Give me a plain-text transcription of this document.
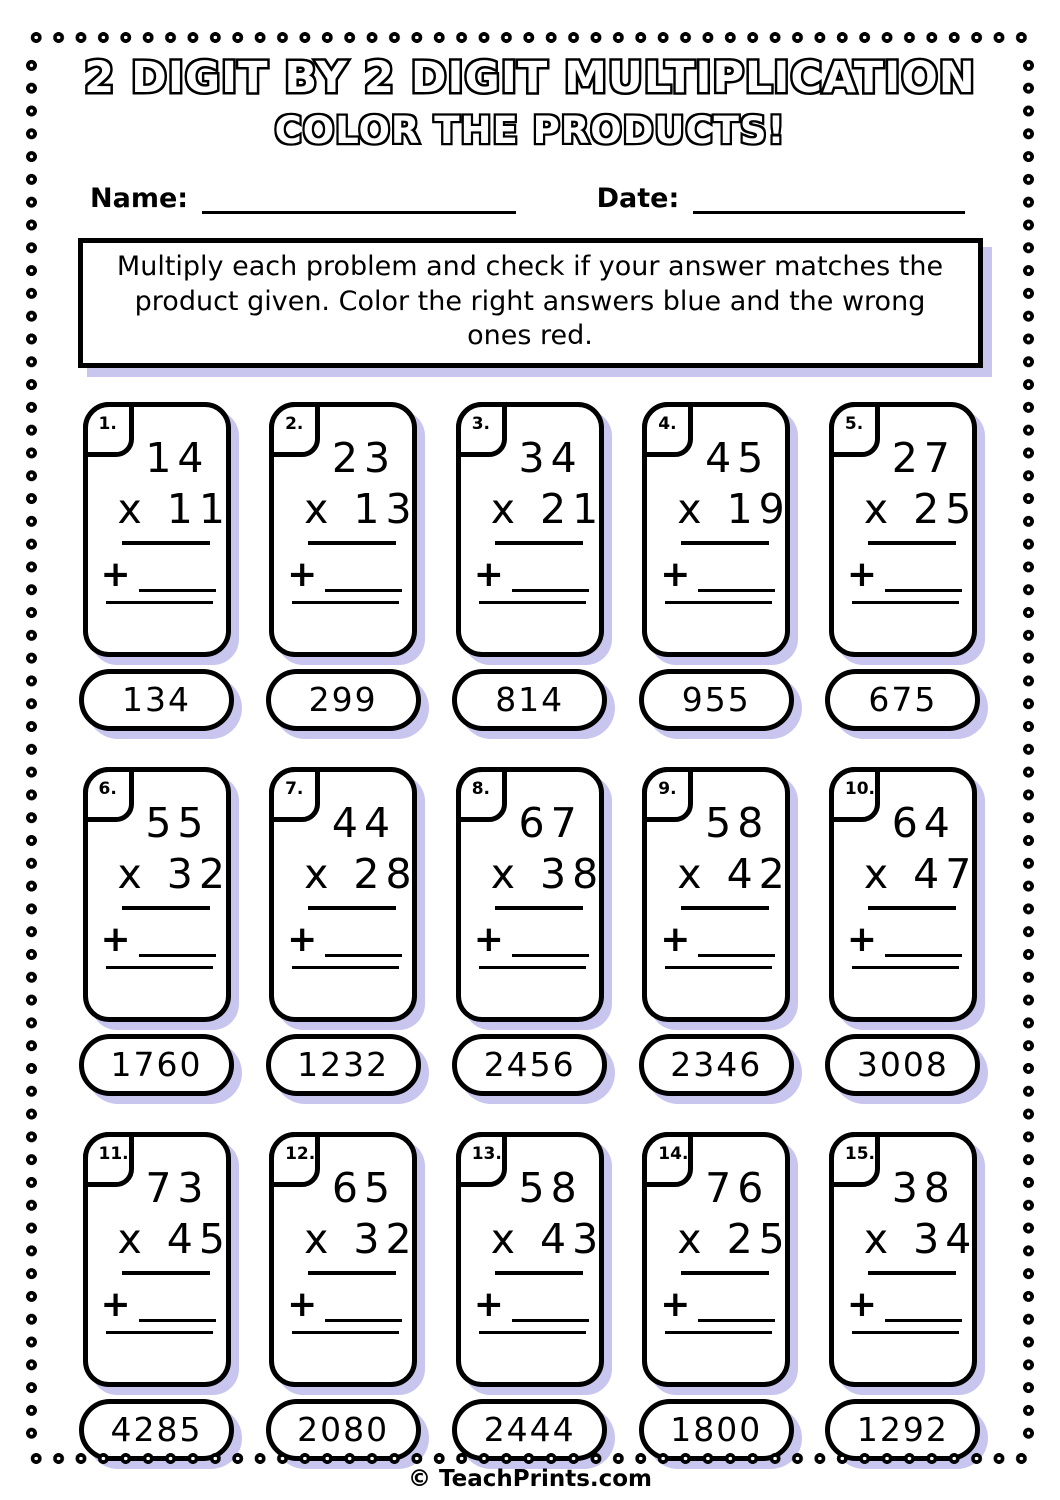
2 DIGIT BY 2 DIGIT MULTIPLICATION
COLOR THE PRODUCTS!
Name:	Date:
Multiply each problem and check if your answer matches the product given. Color the right answers blue and the wrong ones red.
1.
14
x 11
+
134
2.
23
x 13
+
299
3.
34
x 21
+
814
4.
45
x 19
+
955
5.
27
x 25
+
675
6.
55
x 32
+
1760
7.
44
x 28
+
1232
8.
67
x 38
+
2456
9.
58
x 42
+
2346
10.
64
x 47
+
3008
11.
73
x 45
+
4285
12.
65
x 32
+
2080
13.
58
x 43
+
2444
14.
76
x 25
+
1800
15.
38
x 34
+
1292
© TeachPrints.com
